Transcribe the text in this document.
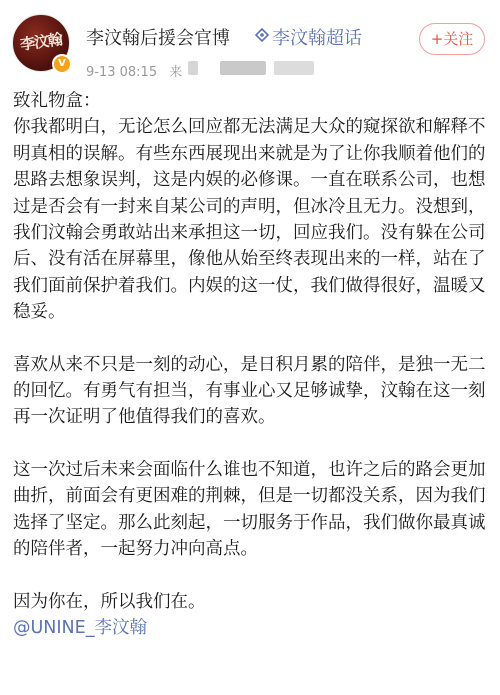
李汶翰
V
李汶翰后援会官博 李汶翰超话	+关注
9-13 08:15 来

致礼物盒：

你我都明白，无论怎么回应都无法满足大众的窥探欲和解释不明真相的误解。有些东西展现出来就是为了让你我顺着他们的思路去想象误判，这是内娱的必修课。一直在联系公司，也想过是否会有一封来自某公司的声明，但冰冷且无力。没想到，我们汶翰会勇敢站出来承担这一切，回应我们。没有躲在公司后、没有活在屏幕里，像他从始至终表现出来的一样，站在了我们面前保护着我们。内娱的这一仗，我们做得很好，温暖又稳妥。

喜欢从来不只是一刻的动心，是日积月累的陪伴，是独一无二的回忆。有勇气有担当，有事业心又足够诚挚，汶翰在这一刻再一次证明了他值得我们的喜欢。

这一次过后未来会面临什么谁也不知道，也许之后的路会更加曲折，前面会有更困难的荆棘，但是一切都没关系，因为我们选择了坚定。那么此刻起，一切服务于作品，我们做你最真诚的陪伴者，一起努力冲向高点。

因为你在，所以我们在。

@UNINE_李汶翰
